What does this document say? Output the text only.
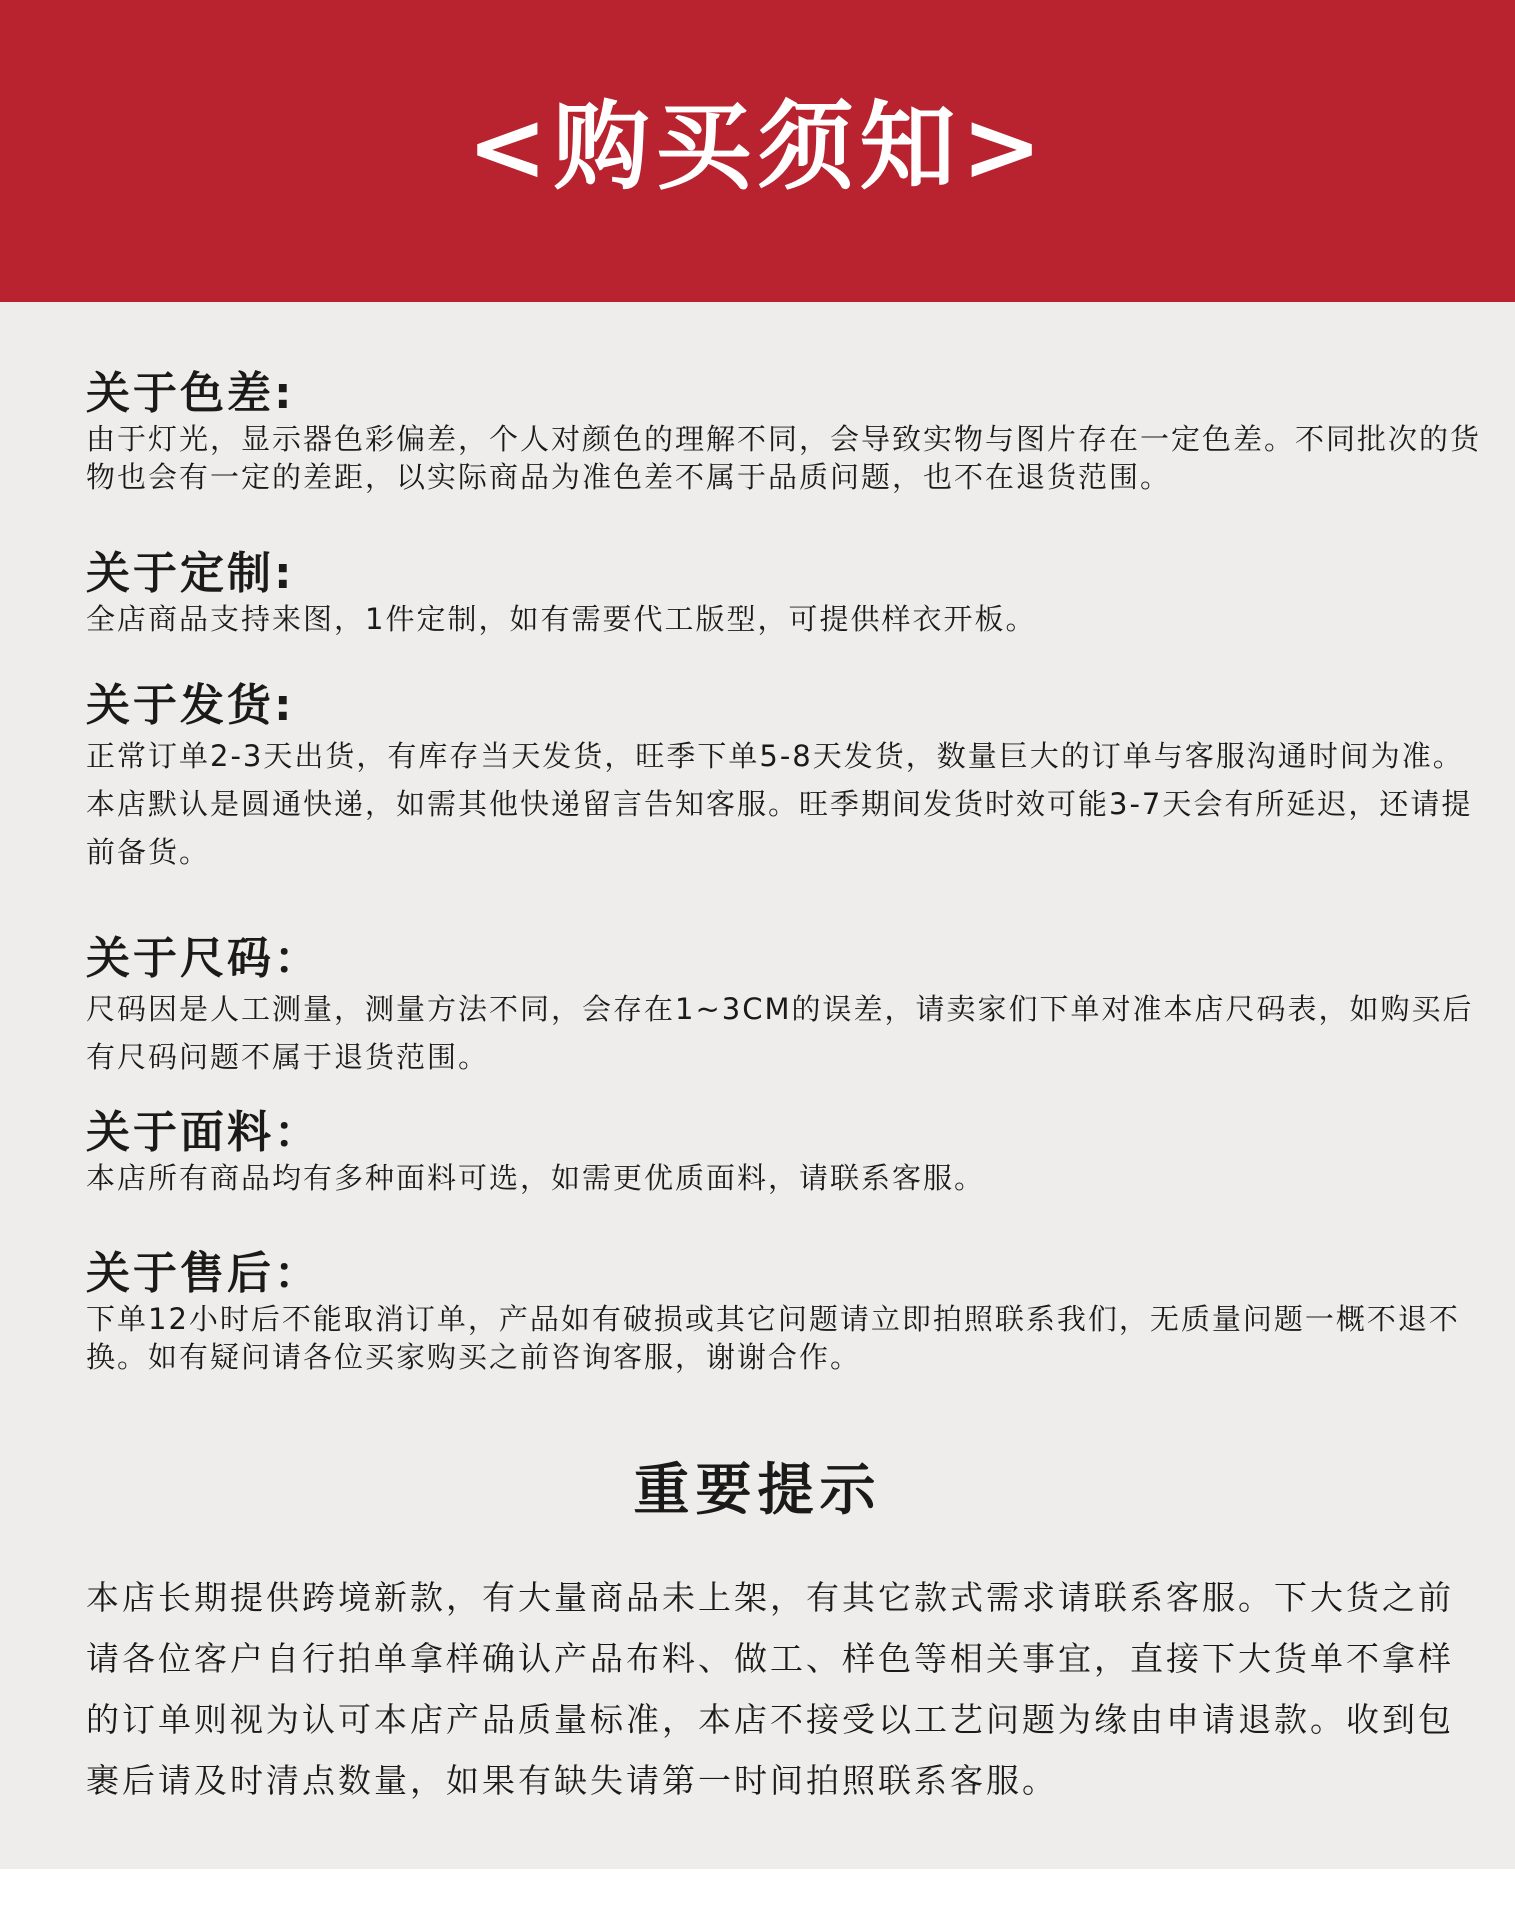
<购买须知>
关于色差:

由于灯光，显示器色彩偏差，个人对颜色的理解不同，会导致实物与图片存在一定色差。不同批次的货物也会有一定的差距，以实际商品为准色差不属于品质问题，也不在退货范围。

关于定制:

全店商品支持来图，1件定制，如有需要代工版型，可提供样衣开板。

关于发货:

正常订单2-3天出货，有库存当天发货，旺季下单5-8天发货，数量巨大的订单与客服沟通时间为准。本店默认是圆通快递，如需其他快递留言告知客服。旺季期间发货时效可能3-7天会有所延迟，还请提前备货。

关于尺码：

尺码因是人工测量，测量方法不同，会存在1~3CM的误差，请卖家们下单对准本店尺码表，如购买后有尺码问题不属于退货范围。

关于面料：

本店所有商品均有多种面料可选，如需更优质面料，请联系客服。

关于售后：

下单12小时后不能取消订单，产品如有破损或其它问题请立即拍照联系我们，无质量问题一概不退不换。如有疑问请各位买家购买之前咨询客服，谢谢合作。

重要提示

本店长期提供跨境新款，有大量商品未上架，有其它款式需求请联系客服。下大货之前请各位客户自行拍单拿样确认产品布料、做工、样色等相关事宜，直接下大货单不拿样的订单则视为认可本店产品质量标准，本店不接受以工艺问题为缘由申请退款。收到包裹后请及时清点数量，如果有缺失请第一时间拍照联系客服。
